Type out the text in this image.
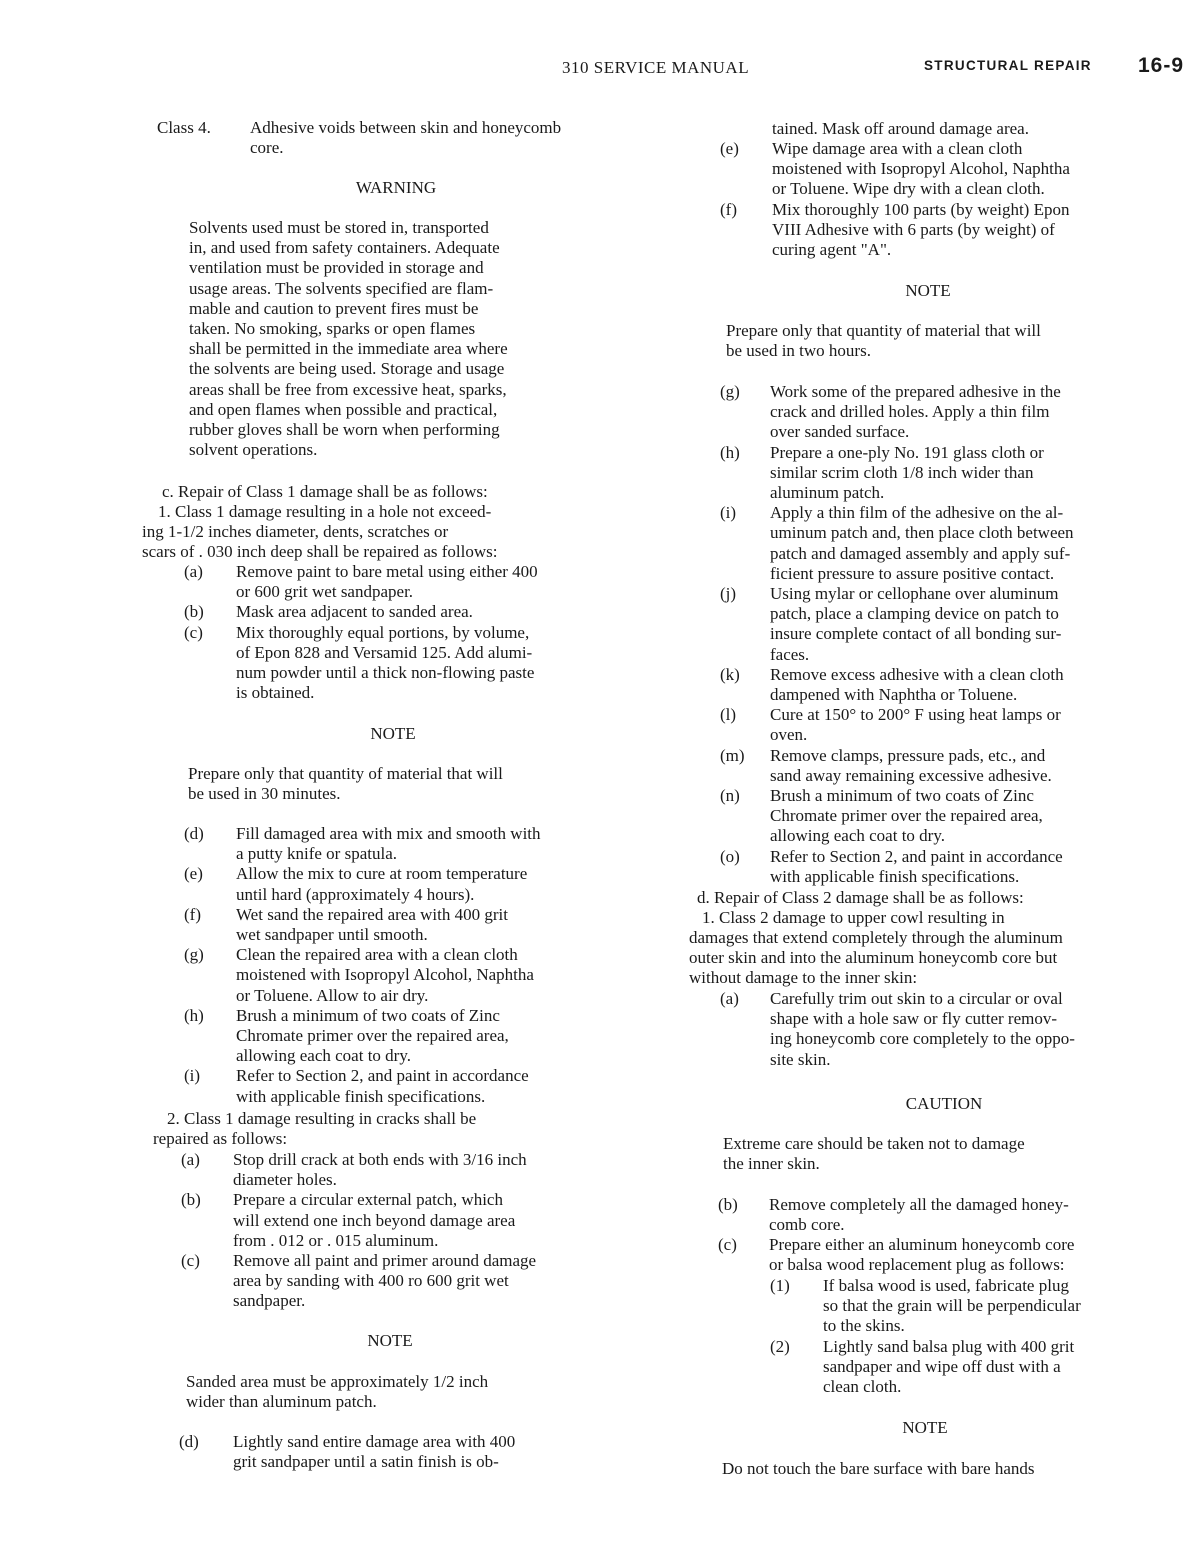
310 SERVICE MANUAL	STRUCTURAL REPAIR 16-9
Class 4. Adhesive voids between skin and honeycomb
core.
WARNING
Solvents used must be stored in, transported
in, and used from safety containers. Adequate
ventilation must be provided in storage and
usage areas. The solvents specified are flam-
mable and caution to prevent fires must be
taken. No smoking, sparks or open flames
shall be permitted in the immediate area where
the solvents are being used. Storage and usage
areas shall be free from excessive heat, sparks,
and open flames when possible and practical,
rubber gloves shall be worn when performing
solvent operations.
c. Repair of Class 1 damage shall be as follows:
1. Class 1 damage resulting in a hole not exceed-
ing 1-1/2 inches diameter, dents, scratches or
scars of . 030 inch deep shall be repaired as follows:
(a) Remove paint to bare metal using either 400
or 600 grit wet sandpaper.
(b) Mask area adjacent to sanded area.
(c) Mix thoroughly equal portions, by volume,
of Epon 828 and Versamid 125. Add alumi-
num powder until a thick non-flowing paste
is obtained.
NOTE
Prepare only that quantity of material that will
be used in 30 minutes.
(d) Fill damaged area with mix and smooth with
a putty knife or spatula.
(e) Allow the mix to cure at room temperature
until hard (approximately 4 hours).
(f) Wet sand the repaired area with 400 grit
wet sandpaper until smooth.
(g) Clean the repaired area with a clean cloth
moistened with Isopropyl Alcohol, Naphtha
or Toluene. Allow to air dry.
(h) Brush a minimum of two coats of Zinc
Chromate primer over the repaired area,
allowing each coat to dry.
(i) Refer to Section 2, and paint in accordance
with applicable finish specifications.
2. Class 1 damage resulting in cracks shall be
repaired as follows:
(a) Stop drill crack at both ends with 3/16 inch
diameter holes.
(b) Prepare a circular external patch, which
will extend one inch beyond damage area
from . 012 or . 015 aluminum.
(c) Remove all paint and primer around damage
area by sanding with 400 ro 600 grit wet
sandpaper.
NOTE
Sanded area must be approximately 1/2 inch
wider than aluminum patch.
(d) Lightly sand entire damage area with 400
grit sandpaper until a satin finish is ob-
tained. Mask off around damage area.
(e) Wipe damage area with a clean cloth
moistened with Isopropyl Alcohol, Naphtha
or Toluene. Wipe dry with a clean cloth.
(f) Mix thoroughly 100 parts (by weight) Epon
VIII Adhesive with 6 parts (by weight) of
curing agent "A".
NOTE
Prepare only that quantity of material that will
be used in two hours.
(g) Work some of the prepared adhesive in the
crack and drilled holes. Apply a thin film
over sanded surface.
(h) Prepare a one-ply No. 191 glass cloth or
similar scrim cloth 1/8 inch wider than
aluminum patch.
(i) Apply a thin film of the adhesive on the al-
uminum patch and, then place cloth between
patch and damaged assembly and apply suf-
ficient pressure to assure positive contact.
(j) Using mylar or cellophane over aluminum
patch, place a clamping device on patch to
insure complete contact of all bonding sur-
faces.
(k) Remove excess adhesive with a clean cloth
dampened with Naphtha or Toluene.
(l) Cure at 150° to 200° F using heat lamps or
oven.
(m) Remove clamps, pressure pads, etc., and
sand away remaining excessive adhesive.
(n) Brush a minimum of two coats of Zinc
Chromate primer over the repaired area,
allowing each coat to dry.
(o) Refer to Section 2, and paint in accordance
with applicable finish specifications.
d. Repair of Class 2 damage shall be as follows:
1. Class 2 damage to upper cowl resulting in
damages that extend completely through the aluminum
outer skin and into the aluminum honeycomb core but
without damage to the inner skin:
(a) Carefully trim out skin to a circular or oval
shape with a hole saw or fly cutter remov-
ing honeycomb core completely to the oppo-
site skin.
CAUTION
Extreme care should be taken not to damage
the inner skin.
(b) Remove completely all the damaged honey-
comb core.
(c) Prepare either an aluminum honeycomb core
or balsa wood replacement plug as follows:
(1) If balsa wood is used, fabricate plug
so that the grain will be perpendicular
to the skins.
(2) Lightly sand balsa plug with 400 grit
sandpaper and wipe off dust with a
clean cloth.
NOTE
Do not touch the bare surface with bare hands
